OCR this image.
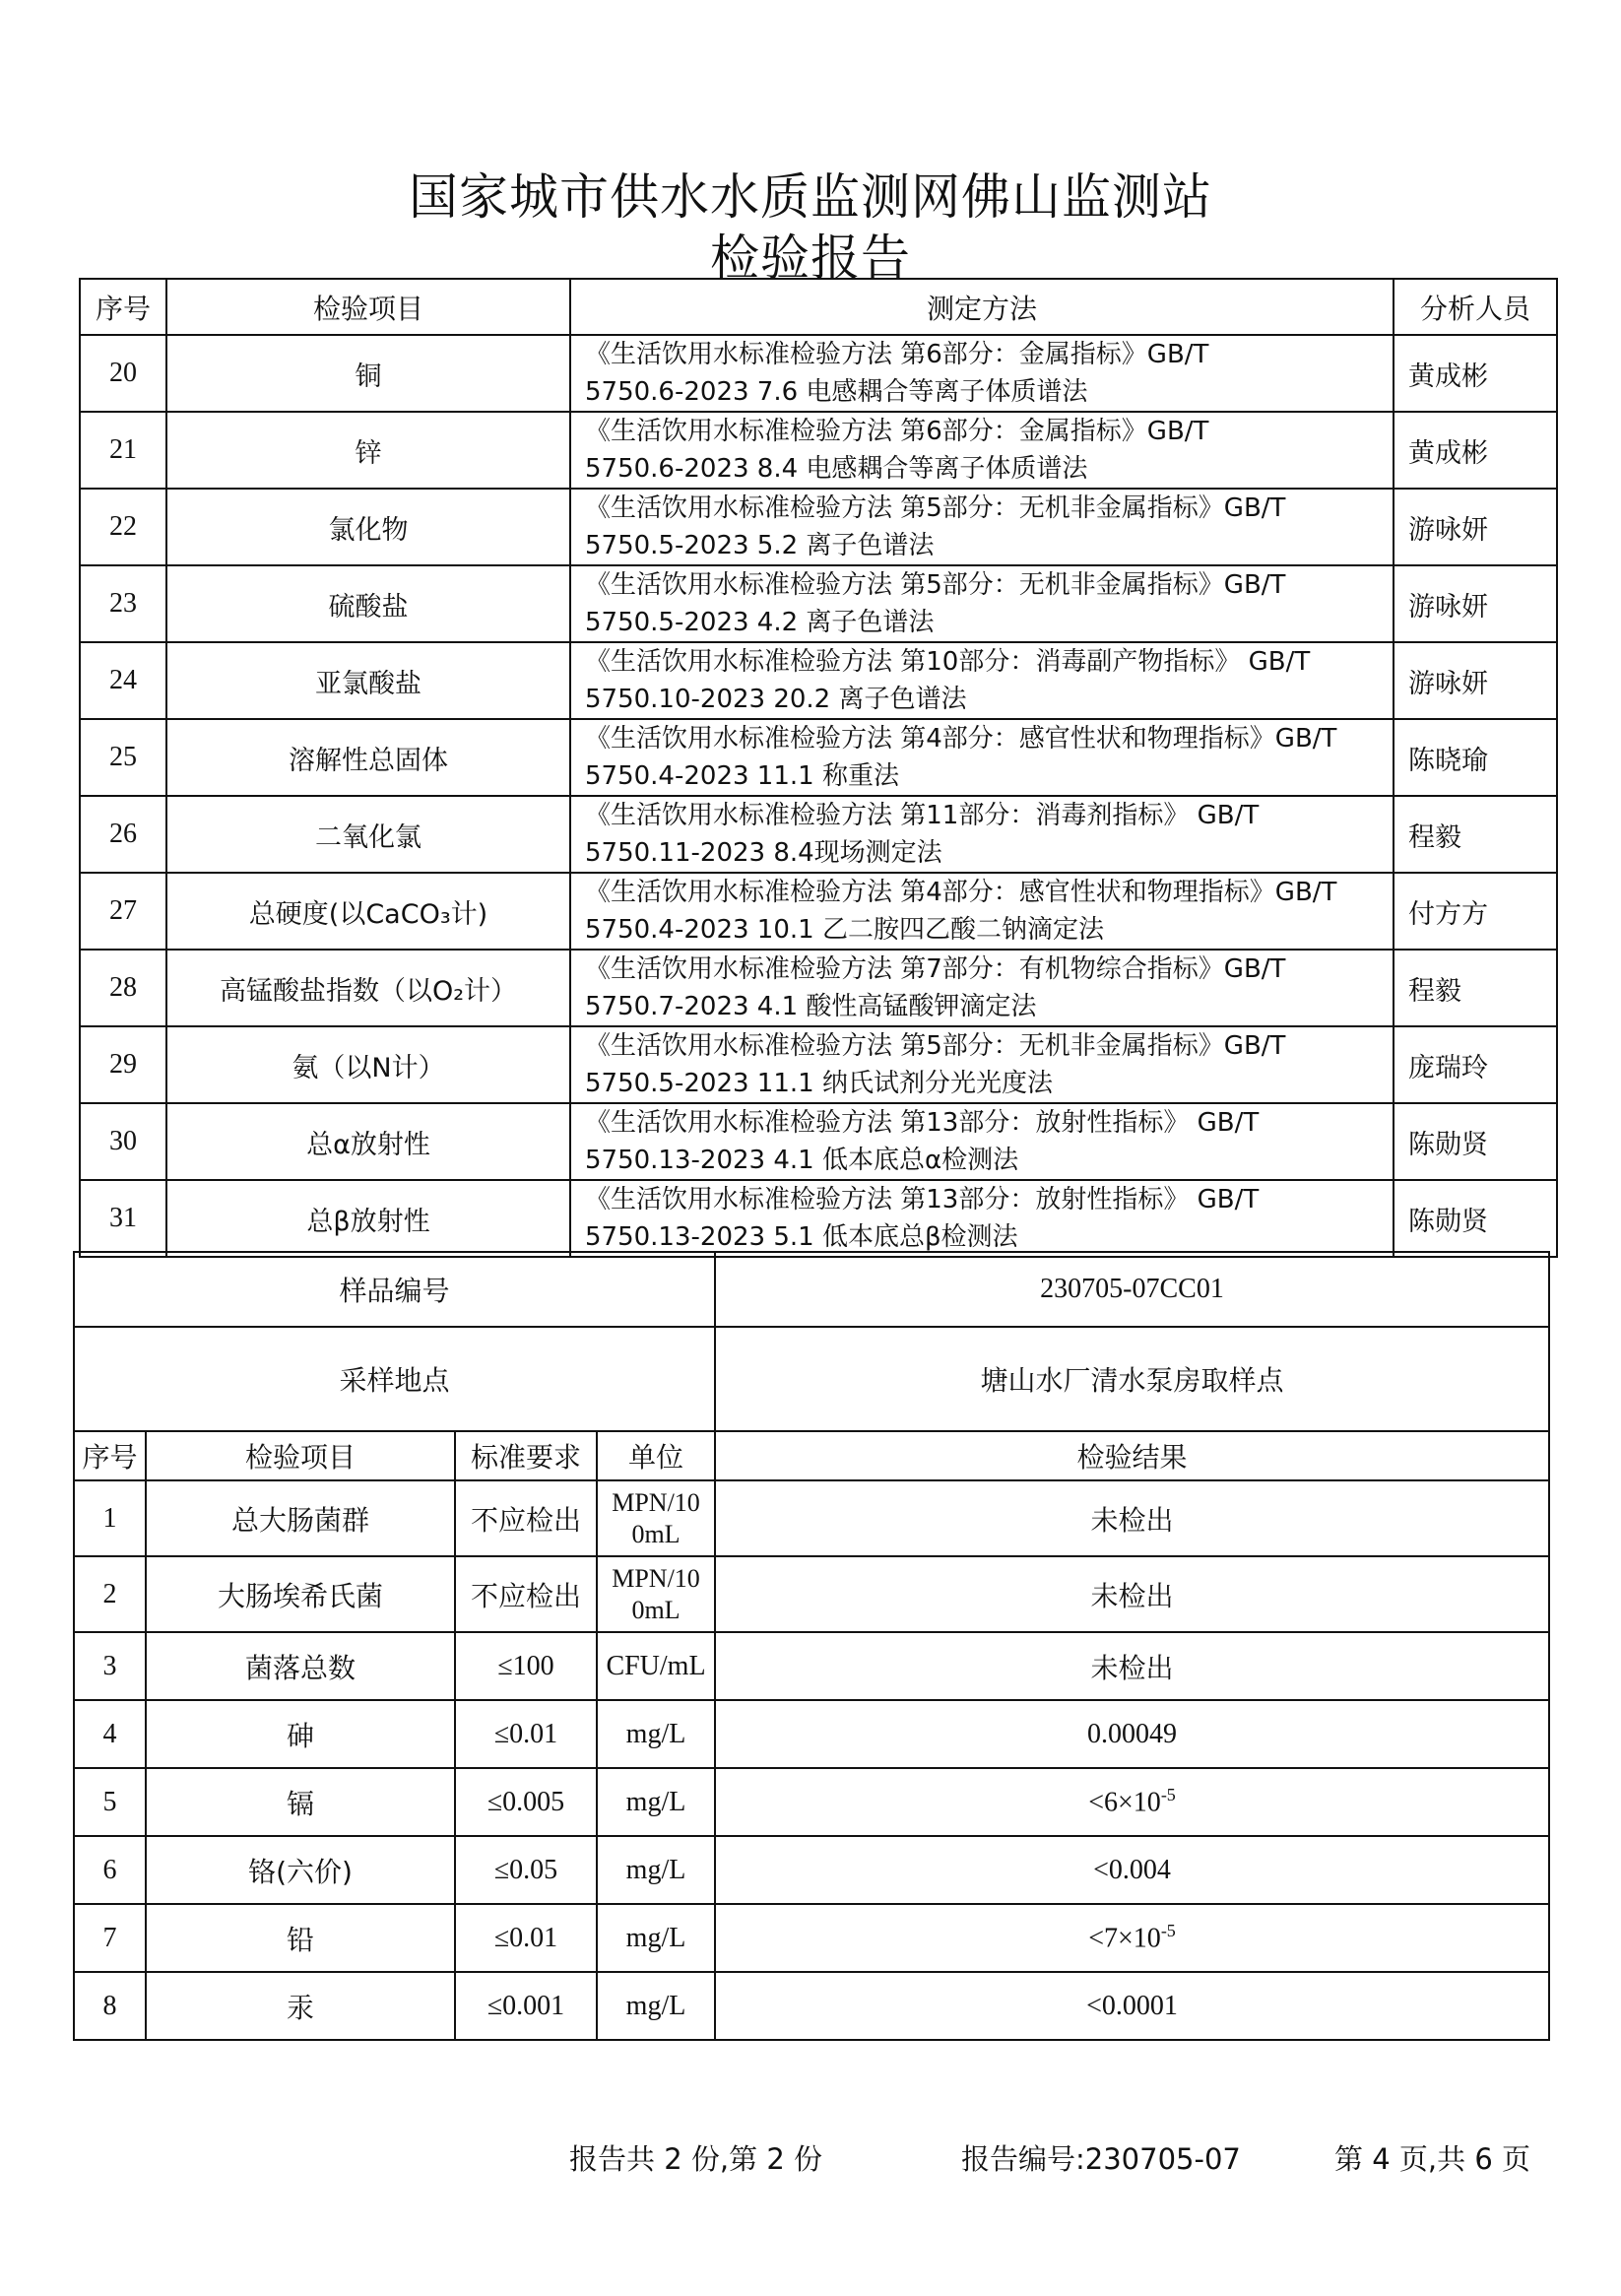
国家城市供水水质监测网佛山监测站
检验报告
序号	检验项目	测定方法	分析人员
20	铜	《生活饮用水标准检验方法 第6部分：金属指标》GB/T
5750.6-2023 7.6 电感耦合等离子体质谱法	黄成彬
21	锌	《生活饮用水标准检验方法 第6部分：金属指标》GB/T
5750.6-2023 8.4 电感耦合等离子体质谱法	黄成彬
22	氯化物	《生活饮用水标准检验方法 第5部分：无机非金属指标》GB/T
5750.5-2023 5.2 离子色谱法	游咏妍
23	硫酸盐	《生活饮用水标准检验方法 第5部分：无机非金属指标》GB/T
5750.5-2023 4.2 离子色谱法	游咏妍
24	亚氯酸盐	《生活饮用水标准检验方法 第10部分：消毒副产物指标》 GB/T
5750.10-2023 20.2 离子色谱法	游咏妍
25	溶解性总固体	《生活饮用水标准检验方法 第4部分：感官性状和物理指标》GB/T
5750.4-2023 11.1 称重法	陈晓瑜
26	二氧化氯	《生活饮用水标准检验方法 第11部分：消毒剂指标》 GB/T
5750.11-2023 8.4现场测定法	程毅
27	总硬度(以CaCO₃计)	《生活饮用水标准检验方法 第4部分：感官性状和物理指标》GB/T
5750.4-2023 10.1 乙二胺四乙酸二钠滴定法	付方方
28	高锰酸盐指数（以O₂计）	《生活饮用水标准检验方法 第7部分：有机物综合指标》GB/T
5750.7-2023 4.1 酸性高锰酸钾滴定法	程毅
29	氨（以N计）	《生活饮用水标准检验方法 第5部分：无机非金属指标》GB/T
5750.5-2023 11.1 纳氏试剂分光光度法	庞瑞玲
30	总α放射性	《生活饮用水标准检验方法 第13部分：放射性指标》 GB/T
5750.13-2023 4.1 低本底总α检测法	陈勋贤
31	总β放射性	《生活饮用水标准检验方法 第13部分：放射性指标》 GB/T
5750.13-2023 5.1 低本底总β检测法	陈勋贤
样品编号				230705-07CC01
采样地点				塘山水厂清水泵房取样点
序号	检验项目	标准要求	单位	检验结果
1	总大肠菌群	不应检出	MPN/10
0mL	未检出
2	大肠埃希氏菌	不应检出	MPN/10
0mL	未检出
3	菌落总数	≤100	CFU/mL	未检出
4	砷	≤0.01	mg/L	0.00049
5	镉	≤0.005	mg/L	$<6\times 10^{-5}$
6	铬(六价)	≤0.05	mg/L	<0.004
7	铅	≤0.01	mg/L	$<7\times 10^{-5}$
8	汞	≤0.001	mg/L	<0.0001
报告共 2 份,第 2 份	报告编号:230705-07	第 4 页,共 6 页
